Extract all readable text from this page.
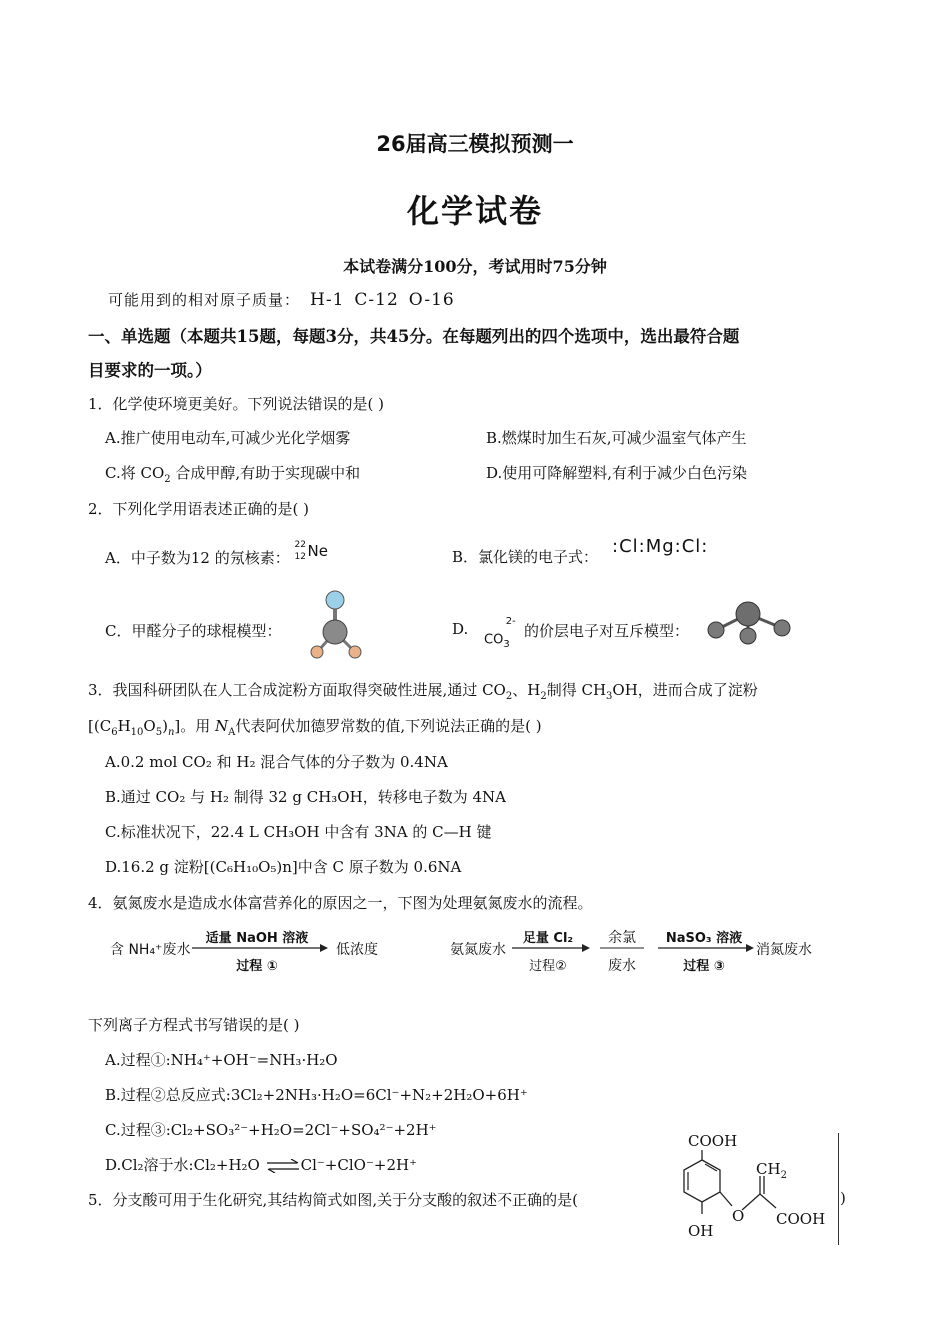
26届高三模拟预测一
化学试卷
本试卷满分100分，考试用时75分钟
可能用到的相对原子质量： H-1 C-12 O-16
一、单选题（本题共15题，每题3分，共45分。在每题列出的四个选项中，选出最符合题
目要求的一项。）
1．化学使环境更美好。下列说法错误的是( )
A.推广使用电动车,可减少光化学烟雾	B.燃煤时加生石灰,可减少温室气体产生
C.将 $CO_2$ 合成甲醇,有助于实现碳中和	D.使用可降解塑料,有利于减少白色污染
2．下列化学用语表述正确的是( )
A．中子数为12 的氖核素：
22
12 Ne	B．氯化镁的电子式： :Cl:Mg:Cl:
C．甲醛分子的球棍模型：	D.
$CO_3^{2-}$
的价层电子对互斥模型：
3．我国科研团队在人工合成淀粉方面取得突破性进展,通过 $CO_2$、$H_2$制得 $CH_3OH$，进而合成了淀粉
$[(C_6H_{10}O_5)_n]$。用 $N_A$代表阿伏加德罗常数的值,下列说法正确的是( )
A.0.2 mol CO₂ 和 H₂ 混合气体的分子数为 0.4NA
B.通过 CO₂ 与 H₂ 制得 32 g CH₃OH，转移电子数为 4NA
C.标准状况下，22.4 L CH₃OH 中含有 3NA 的 C—H 键
D.16.2 g 淀粉[(C₆H₁₀O₅)n]中含 C 原子数为 0.6NA
4．氨氮废水是造成水体富营养化的原因之一，下图为处理氨氮废水的流程。
含 NH₄⁺废水
适量 NaOH 溶液
过程 ①
低浓度	氨氮废水
足量 Cl₂
过程②
余氯
废水
NaSO₃ 溶液
过程 ③
消氮废水
下列离子方程式书写错误的是( )
A.过程①:NH₄⁺+OH⁻=NH₃·H₂O
B.过程②总反应式:3Cl₂+2NH₃·H₂O=6Cl⁻+N₂+2H₂O+6H⁺
C.过程③:Cl₂+SO₃²⁻+H₂O=2Cl⁻+SO₄²⁻+2H⁺
D.Cl₂溶于水:Cl₂+H₂O ⇌Cl⁻+ClO⁻+2H⁺
5．分支酸可用于生化研究,其结构简式如图,关于分支酸的叙述不正确的是(	)
COOH
$CH_2$
O COOH
OH
